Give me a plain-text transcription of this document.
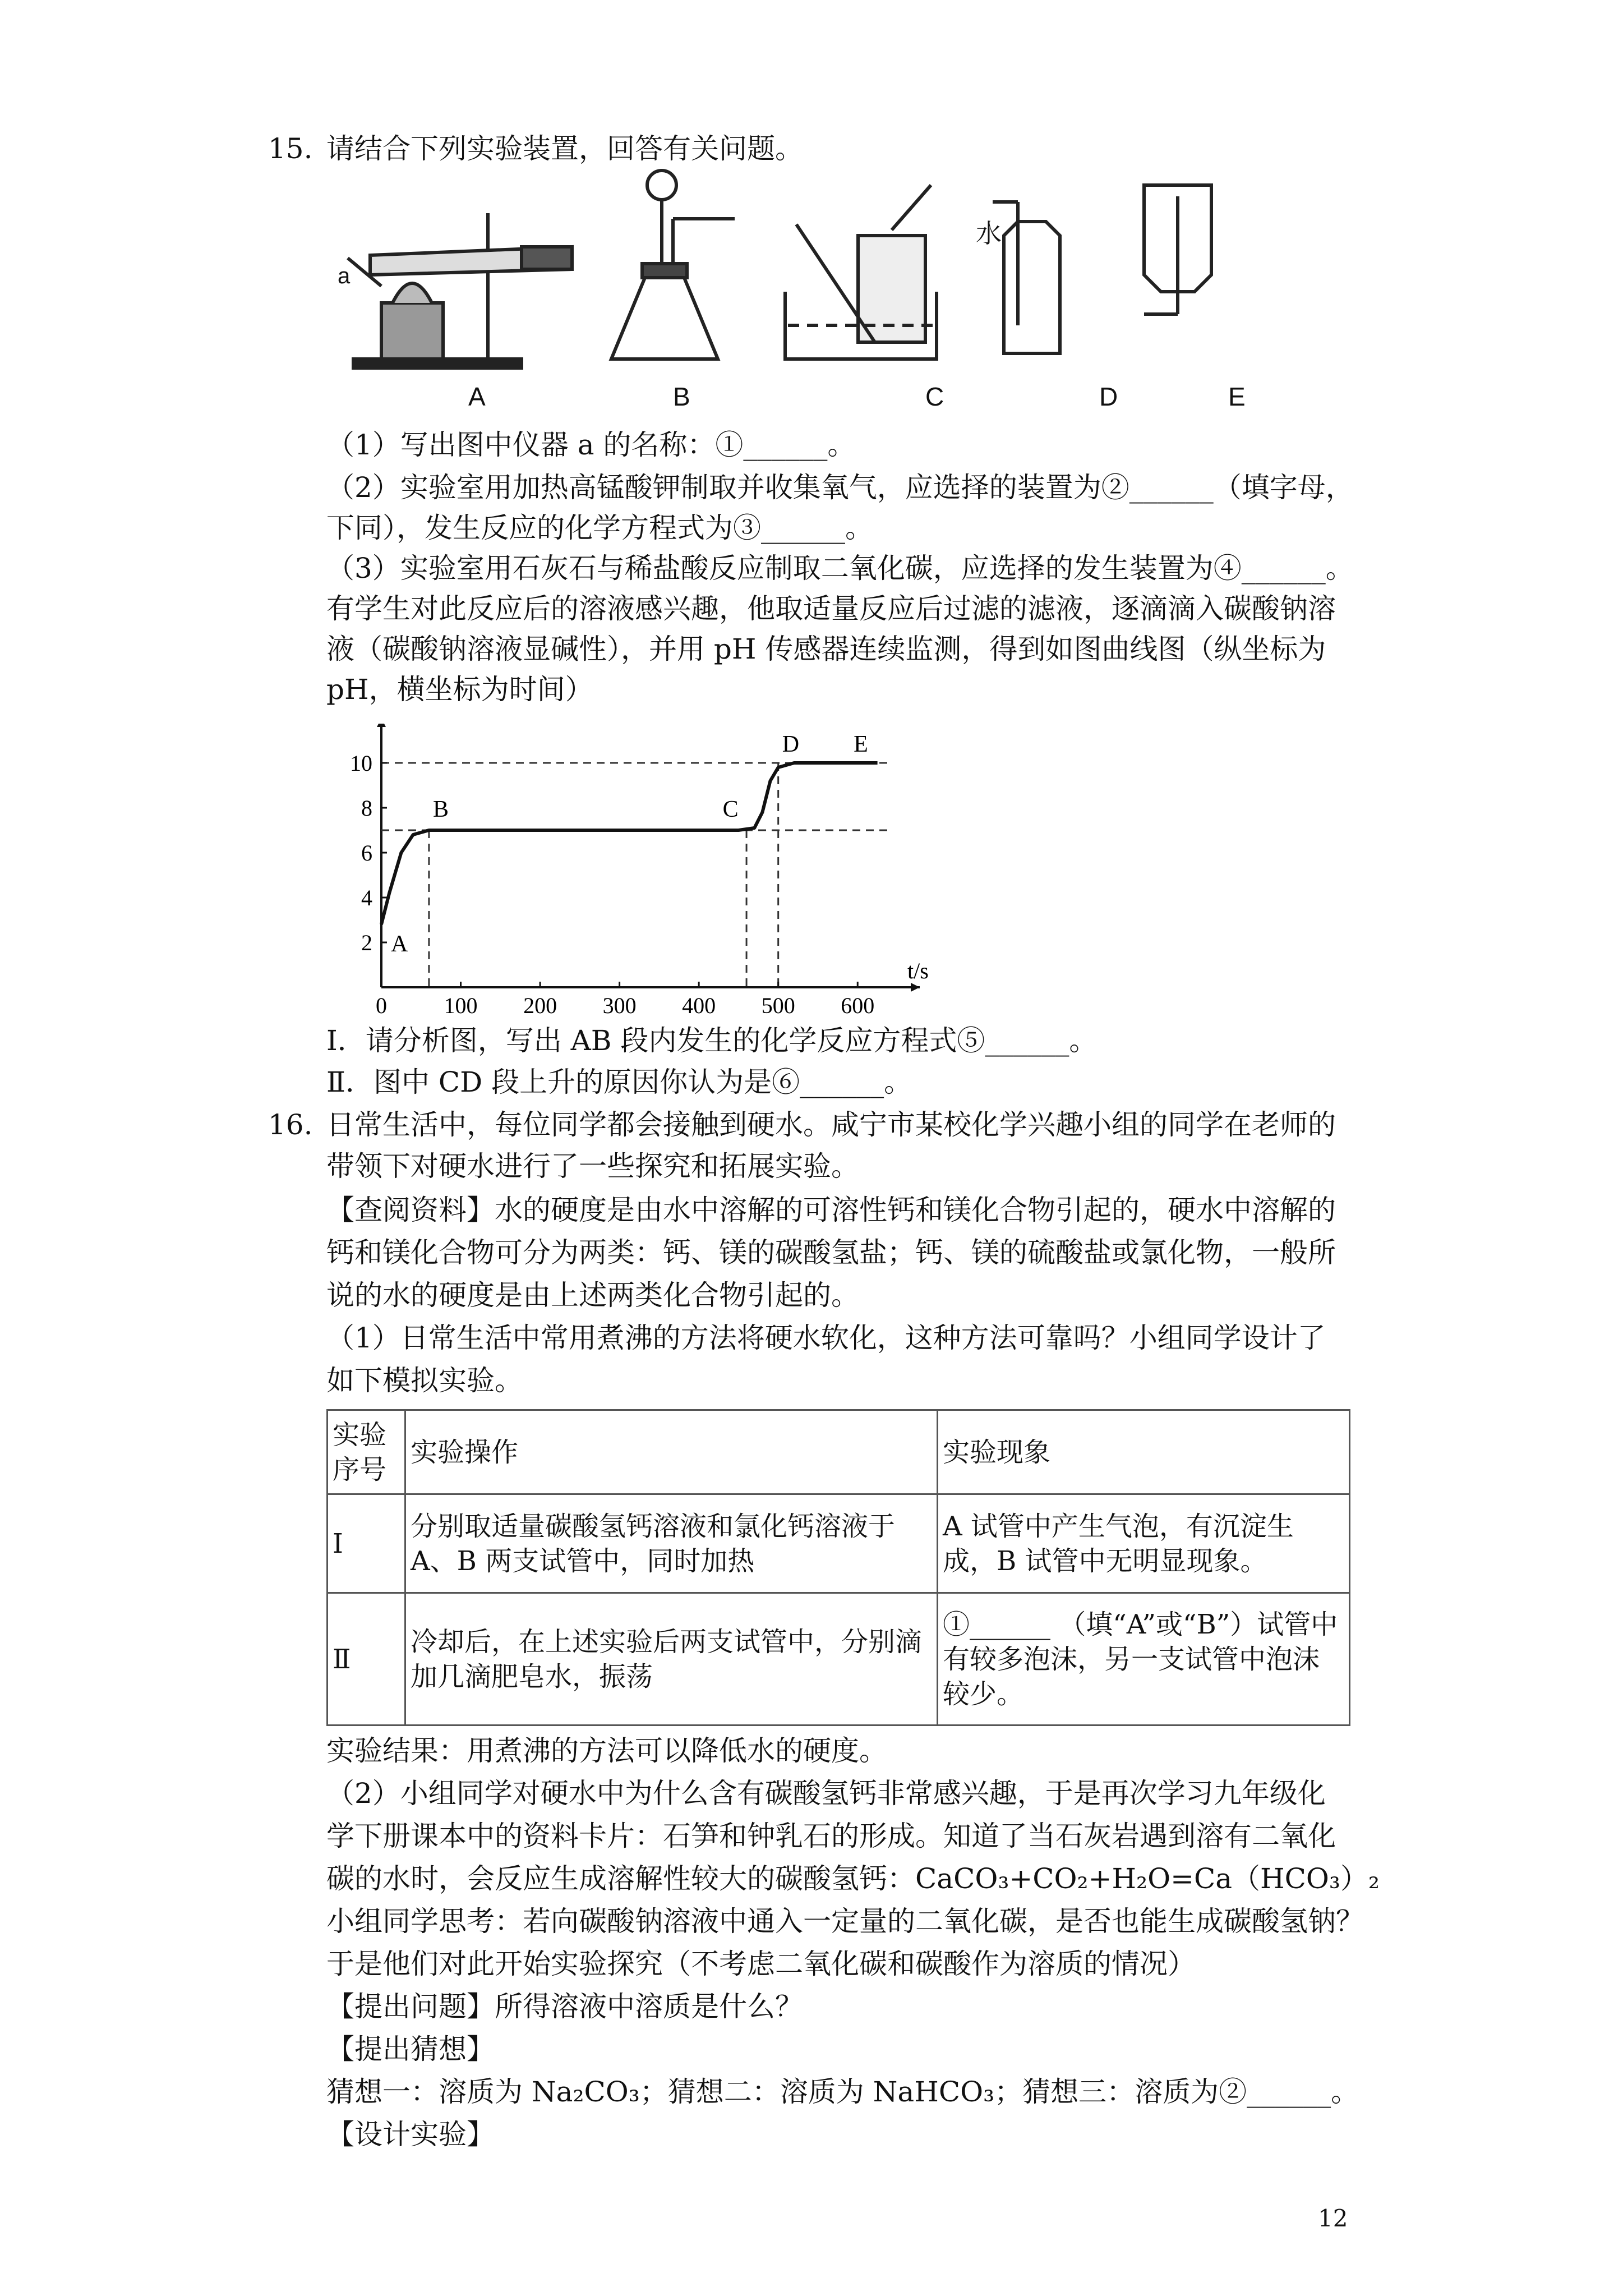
15. 请结合下列实验装置，回答有关问题。
a
水
A	B	C	D	E
（1）写出图中仪器 a 的名称：①______。
（2）实验室用加热高锰酸钾制取并收集氧气，应选择的装置为②______（填字母，
下同），发生反应的化学方程式为③______。
（3）实验室用石灰石与稀盐酸反应制取二氧化碳，应选择的发生装置为④______。
有学生对此反应后的溶液感兴趣，他取适量反应后过滤的滤液，逐滴滴入碳酸钠溶
液（碳酸钠溶液显碱性），并用 pH 传感器连续监测，得到如图曲线图（纵坐标为
pH，横坐标为时间）
0	100 200 300 400 500 600
2
4
6
8
10
t/s
A
B	C
D E
Ⅰ．请分析图，写出 AB 段内发生的化学反应方程式⑤______。
Ⅱ．图中 CD 段上升的原因你认为是⑥______。
16. 日常生活中，每位同学都会接触到硬水。咸宁市某校化学兴趣小组的同学在老师的
带领下对硬水进行了一些探究和拓展实验。
【查阅资料】水的硬度是由水中溶解的可溶性钙和镁化合物引起的，硬水中溶解的
钙和镁化合物可分为两类：钙、镁的碳酸氢盐；钙、镁的硫酸盐或氯化物，一般所
说的水的硬度是由上述两类化合物引起的。
（1）日常生活中常用煮沸的方法将硬水软化，这种方法可靠吗？小组同学设计了
如下模拟实验。
实验序号	实验操作	实验现象
Ⅰ	分别取适量碳酸氢钙溶液和氯化钙溶液于 A、B 两支试管中，同时加热	A 试管中产生气泡，有沉淀生成，B 试管中无明显现象。
Ⅱ	冷却后，在上述实验后两支试管中，分别滴加几滴肥皂水，振荡	①______ （填“A”或“B”）试管中有较多泡沫，另一支试管中泡沫较少。
实验结果：用煮沸的方法可以降低水的硬度。
（2）小组同学对硬水中为什么含有碳酸氢钙非常感兴趣，于是再次学习九年级化
学下册课本中的资料卡片：石笋和钟乳石的形成。知道了当石灰岩遇到溶有二氧化
碳的水时，会反应生成溶解性较大的碳酸氢钙：CaCO₃+CO₂+H₂O=Ca（HCO₃）₂
小组同学思考：若向碳酸钠溶液中通入一定量的二氧化碳，是否也能生成碳酸氢钠？
于是他们对此开始实验探究（不考虑二氧化碳和碳酸作为溶质的情况）
【提出问题】所得溶液中溶质是什么？
【提出猜想】
猜想一：溶质为 Na₂CO₃；猜想二：溶质为 NaHCO₃；猜想三：溶质为②______。
【设计实验】
12
